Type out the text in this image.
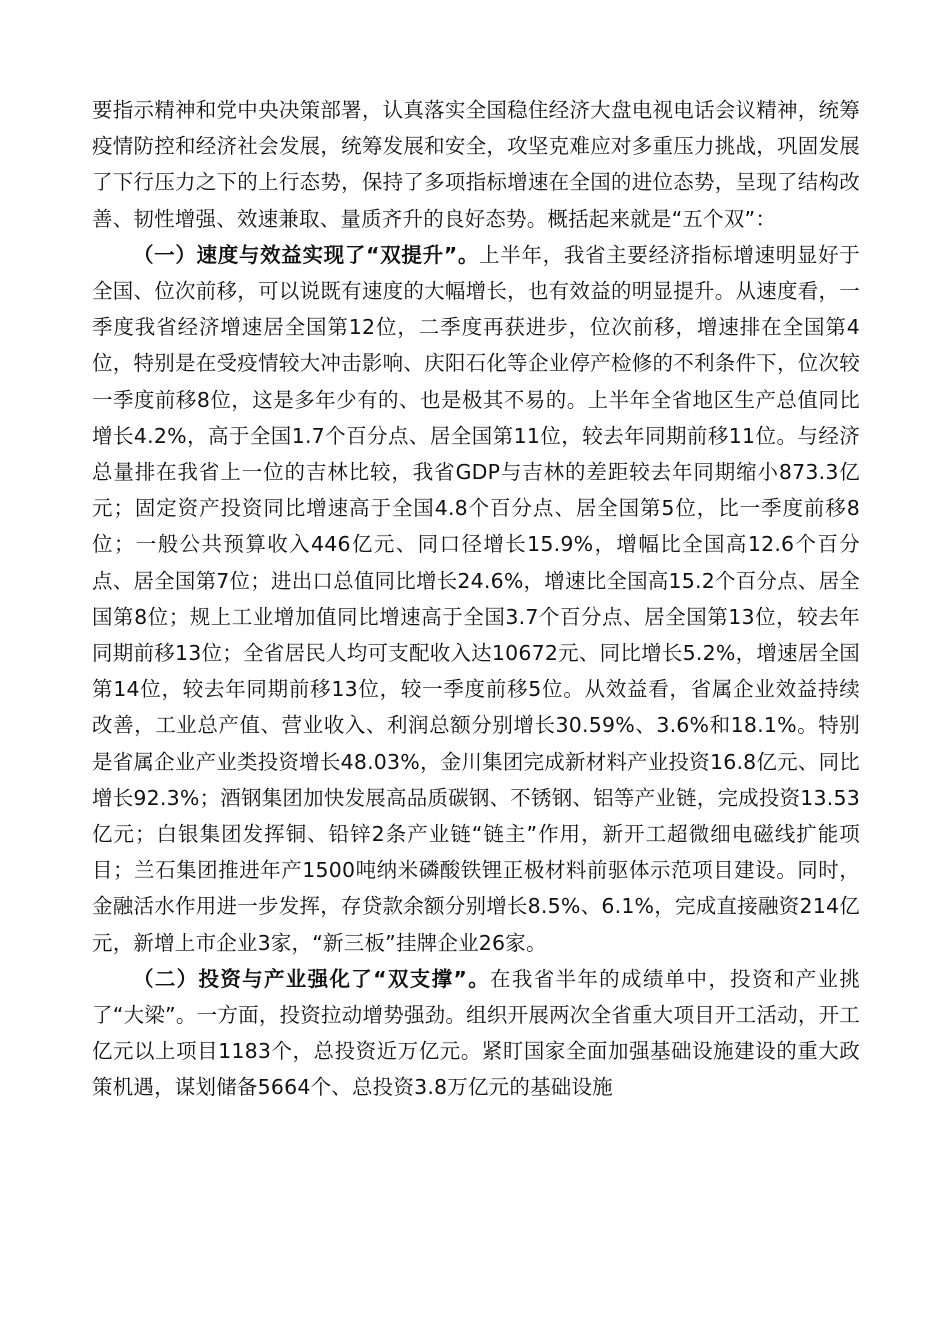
要指示精神和党中央决策部署，认真落实全国稳住经济大盘电视电话会议精神，统筹疫情防控和经济社会发展，统筹发展和安全，攻坚克难应对多重压力挑战，巩固发展了下行压力之下的上行态势，保持了多项指标增速在全国的进位态势，呈现了结构改善、韧性增强、效速兼取、量质齐升的良好态势。概括起来就是“五个双”：

（一）速度与效益实现了“双提升”。上半年，我省主要经济指标增速明显好于全国、位次前移，可以说既有速度的大幅增长，也有效益的明显提升。从速度看，一季度我省经济增速居全国第12位，二季度再获进步，位次前移，增速排在全国第4位，特别是在受疫情较大冲击影响、庆阳石化等企业停产检修的不利条件下，位次较一季度前移8位，这是多年少有的、也是极其不易的。上半年全省地区生产总值同比增长4.2%，高于全国1.7个百分点、居全国第11位，较去年同期前移11位。与经济总量排在我省上一位的吉林比较，我省GDP与吉林的差距较去年同期缩小873.3亿元；固定资产投资同比增速高于全国4.8个百分点、居全国第5位，比一季度前移8位；一般公共预算收入446亿元、同口径增长15.9%，增幅比全国高12.6个百分点、居全国第7位；进出口总值同比增长24.6%，增速比全国高15.2个百分点、居全国第8位；规上工业增加值同比增速高于全国3.7个百分点、居全国第13位，较去年同期前移13位；全省居民人均可支配收入达10672元、同比增长5.2%，增速居全国第14位，较去年同期前移13位，较一季度前移5位。从效益看，省属企业效益持续改善，工业总产值、营业收入、利润总额分别增长30.59%、3.6%和18.1%。特别是省属企业产业类投资增长48.03%，金川集团完成新材料产业投资16.8亿元、同比增长92.3%；酒钢集团加快发展高品质碳钢、不锈钢、铝等产业链，完成投资13.53亿元；白银集团发挥铜、铅锌2条产业链“链主”作用，新开工超微细电磁线扩能项目；兰石集团推进年产1500吨纳米磷酸铁锂正极材料前驱体示范项目建设。同时，金融活水作用进一步发挥，存贷款余额分别增长8.5%、6.1%，完成直接融资214亿元，新增上市企业3家，“新三板”挂牌企业26家。

（二）投资与产业强化了“双支撑”。在我省半年的成绩单中，投资和产业挑了“大梁”。一方面，投资拉动增势强劲。组织开展两次全省重大项目开工活动，开工亿元以上项目1183个，总投资近万亿元。紧盯国家全面加强基础设施建设的重大政策机遇，谋划储备5664个、总投资3.8万亿元的基础设施
